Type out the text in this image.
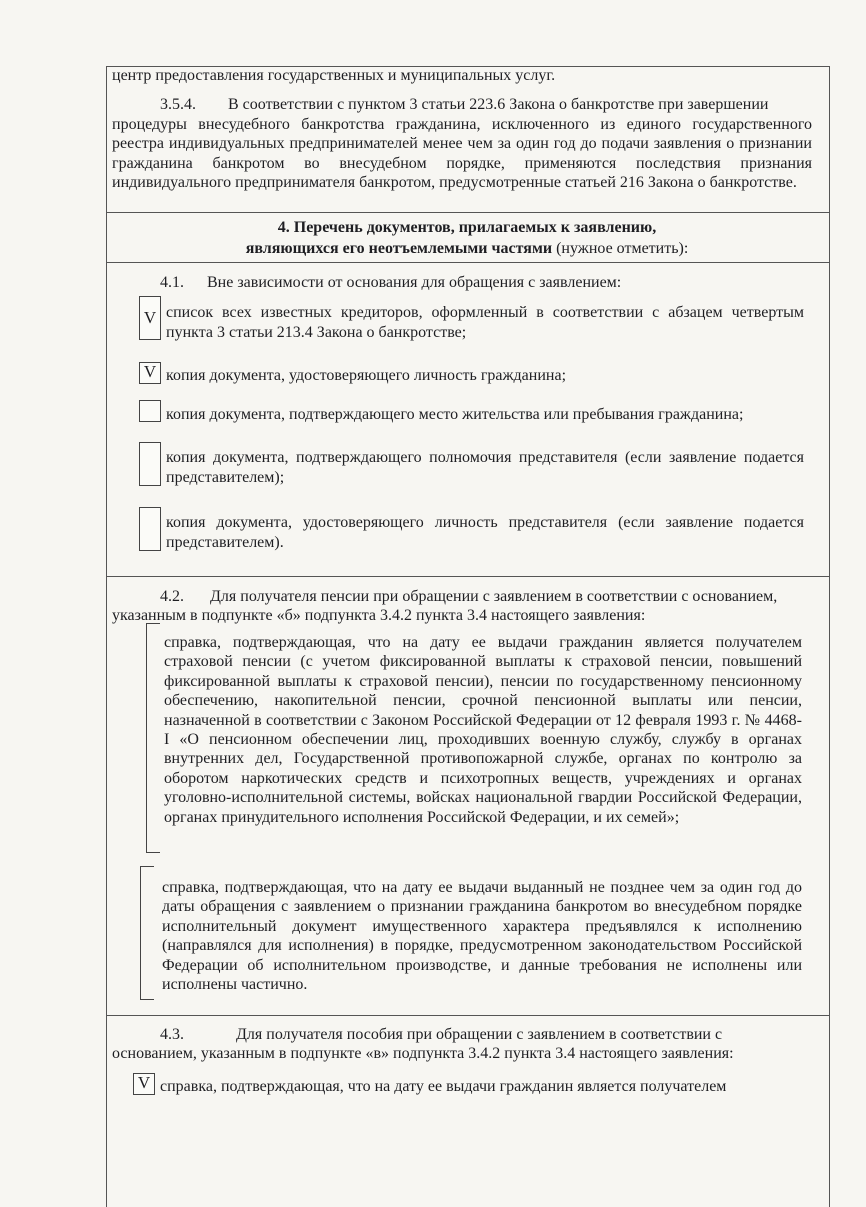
центр предоставления государственных и муниципальных услуг.
3.5.4. В соответствии с пунктом 3 статьи 223.6 Закона о банкротстве при завершении
процедуры внесудебного банкротства гражданина, исключенного из единого государственного реестра индивидуальных предпринимателей менее чем за один год до подачи заявления о признании гражданина банкротом во внесудебном порядке, применяются последствия признания индивидуального предпринимателя банкротом, предусмотренные статьей 216 Закона о банкротстве.
4. Перечень документов, прилагаемых к заявлению,
являющихся его неотъемлемыми частями (нужное отметить):
4.1. Вне зависимости от основания для обращения с заявлением:
V список всех известных кредиторов, оформленный в соответствии с абзацем четвертым пункта 3 статьи 213.4 Закона о банкротстве;
V копия документа, удостоверяющего личность гражданина;
копия документа, подтверждающего место жительства или пребывания гражданина;
копия документа, подтверждающего полномочия представителя (если заявление подается представителем);
копия документа, удостоверяющего личность представителя (если заявление подается представителем).
4.2. Для получателя пенсии при обращении с заявлением в соответствии с основанием,
указанным в подпункте «б» подпункта 3.4.2 пункта 3.4 настоящего заявления:
справка, подтверждающая, что на дату ее выдачи гражданин является получателем страховой пенсии (с учетом фиксированной выплаты к страховой пенсии, повышений фиксированной выплаты к страховой пенсии), пенсии по государственному пенсионному обеспечению, накопительной пенсии, срочной пенсионной выплаты или пенсии, назначенной в соответствии с Законом Российской Федерации от 12 февраля 1993 г. № 4468-I «О пенсионном обеспечении лиц, проходивших военную службу, службу в органах внутренних дел, Государственной противопожарной службе, органах по контролю за оборотом наркотических средств и психотропных веществ, учреждениях и органах уголовно-исполнительной системы, войсках национальной гвардии Российской Федерации, органах принудительного исполнения Российской Федерации, и их семей»;
справка, подтверждающая, что на дату ее выдачи выданный не позднее чем за один год до даты обращения с заявлением о признании гражданина банкротом во внесудебном порядке исполнительный документ имущественного характера предъявлялся к исполнению (направлялся для исполнения) в порядке, предусмотренном законодательством Российской Федерации об исполнительном производстве, и данные требования не исполнены или исполнены частично.
4.3.	Для получателя пособия при обращении с заявлением в соответствии с
основанием, указанным в подпункте «в» подпункта 3.4.2 пункта 3.4 настоящего заявления:
V справка, подтверждающая, что на дату ее выдачи гражданин является получателем
